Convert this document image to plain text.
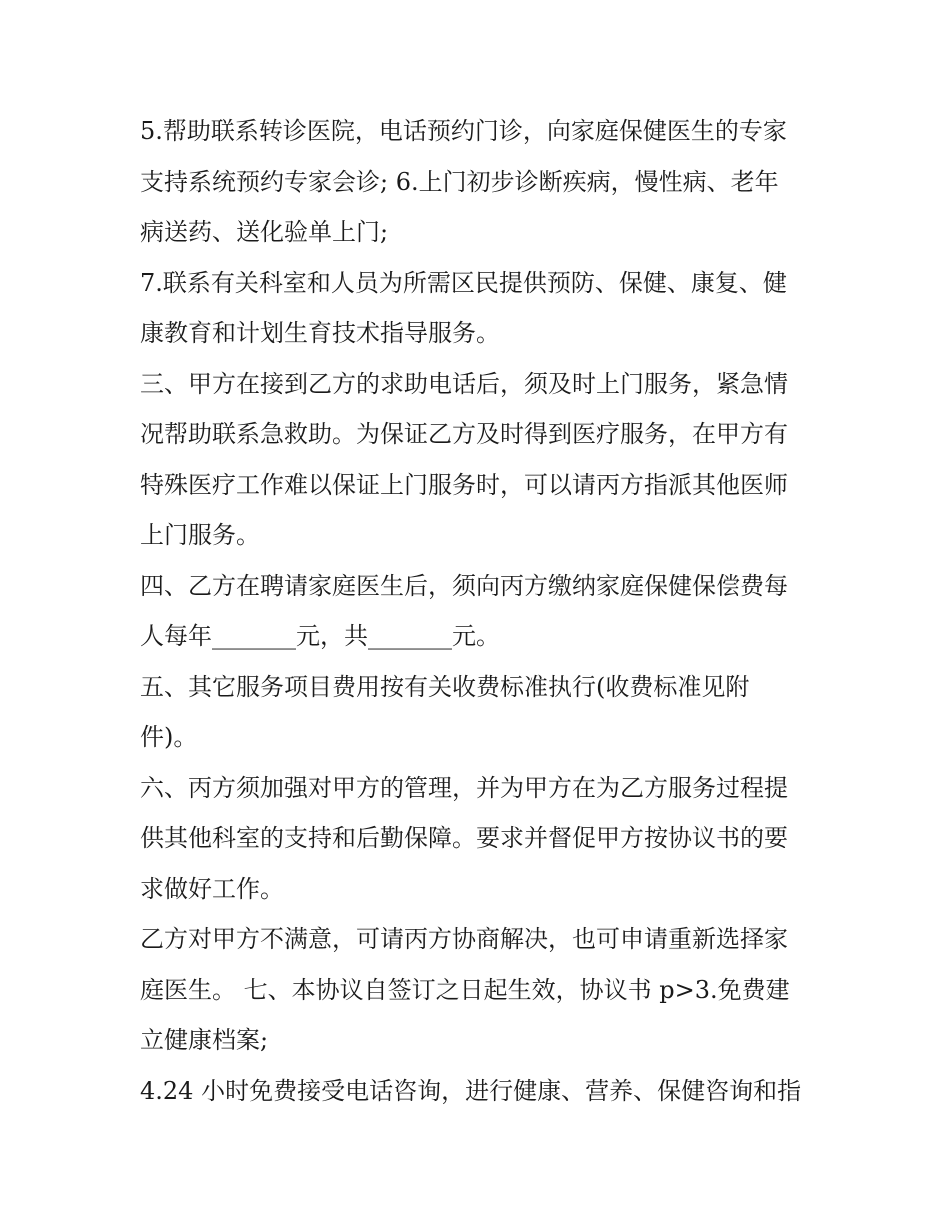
5.帮助联系转诊医院，电话预约门诊，向家庭保健医生的专家
支持系统预约专家会诊; 6.上门初步诊断疾病，慢性病、老年
病送药、送化验单上门;
7.联系有关科室和人员为所需区民提供预防、保健、康复、健
康教育和计划生育技术指导服务。
三、甲方在接到乙方的求助电话后，须及时上门服务，紧急情
况帮助联系急救助。为保证乙方及时得到医疗服务，在甲方有
特殊医疗工作难以保证上门服务时，可以请丙方指派其他医师
上门服务。
四、乙方在聘请家庭医生后，须向丙方缴纳家庭保健保偿费每
人每年_______元，共_______元。
五、其它服务项目费用按有关收费标准执行(收费标准见附
件)。
六、丙方须加强对甲方的管理，并为甲方在为乙方服务过程提
供其他科室的支持和后勤保障。要求并督促甲方按协议书的要
求做好工作。
乙方对甲方不满意，可请丙方协商解决，也可申请重新选择家
庭医生。 七、本协议自签订之日起生效，协议书 p>3.免费建
立健康档案;
4.24 小时免费接受电话咨询，进行健康、营养、保健咨询和指
